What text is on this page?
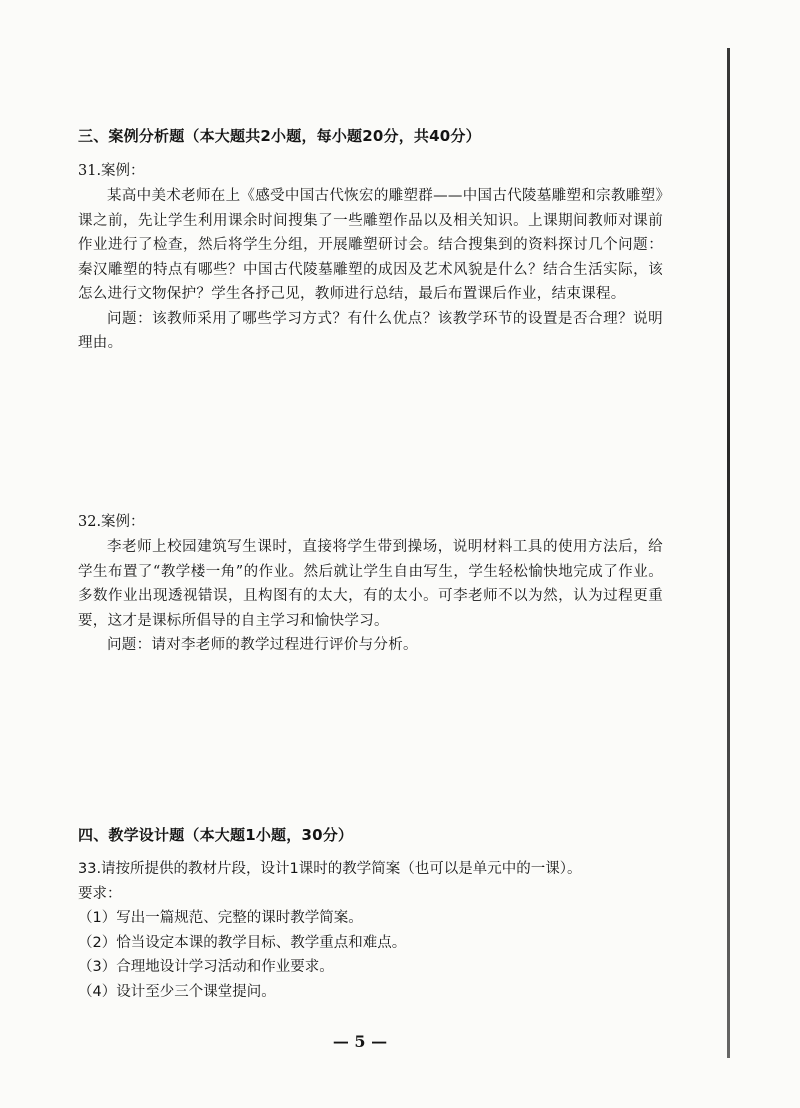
三、案例分析题（本大题共2小题，每小题20分，共40分）
31.案例：

某高中美术老师在上《感受中国古代恢宏的雕塑群——中国古代陵墓雕塑和宗教雕塑》课之前，先让学生利用课余时间搜集了一些雕塑作品以及相关知识。上课期间教师对课前作业进行了检查，然后将学生分组，开展雕塑研讨会。结合搜集到的资料探讨几个问题：秦汉雕塑的特点有哪些？中国古代陵墓雕塑的成因及艺术风貌是什么？结合生活实际，该怎么进行文物保护？学生各抒己见，教师进行总结，最后布置课后作业，结束课程。

问题：该教师采用了哪些学习方式？有什么优点？该教学环节的设置是否合理？说明理由。

32.案例：

李老师上校园建筑写生课时，直接将学生带到操场，说明材料工具的使用方法后，给学生布置了“教学楼一角”的作业。然后就让学生自由写生，学生轻松愉快地完成了作业。多数作业出现透视错误，且构图有的太大，有的太小。可李老师不以为然，认为过程更重要，这才是课标所倡导的自主学习和愉快学习。

问题：请对李老师的教学过程进行评价与分析。

四、教学设计题（本大题1小题，30分）
33.请按所提供的教材片段，设计1课时的教学简案（也可以是单元中的一课）。
要求：
（1）写出一篇规范、完整的课时教学简案。
（2）恰当设定本课的教学目标、教学重点和难点。
（3）合理地设计学习活动和作业要求。
（4）设计至少三个课堂提问。
— 5 —
